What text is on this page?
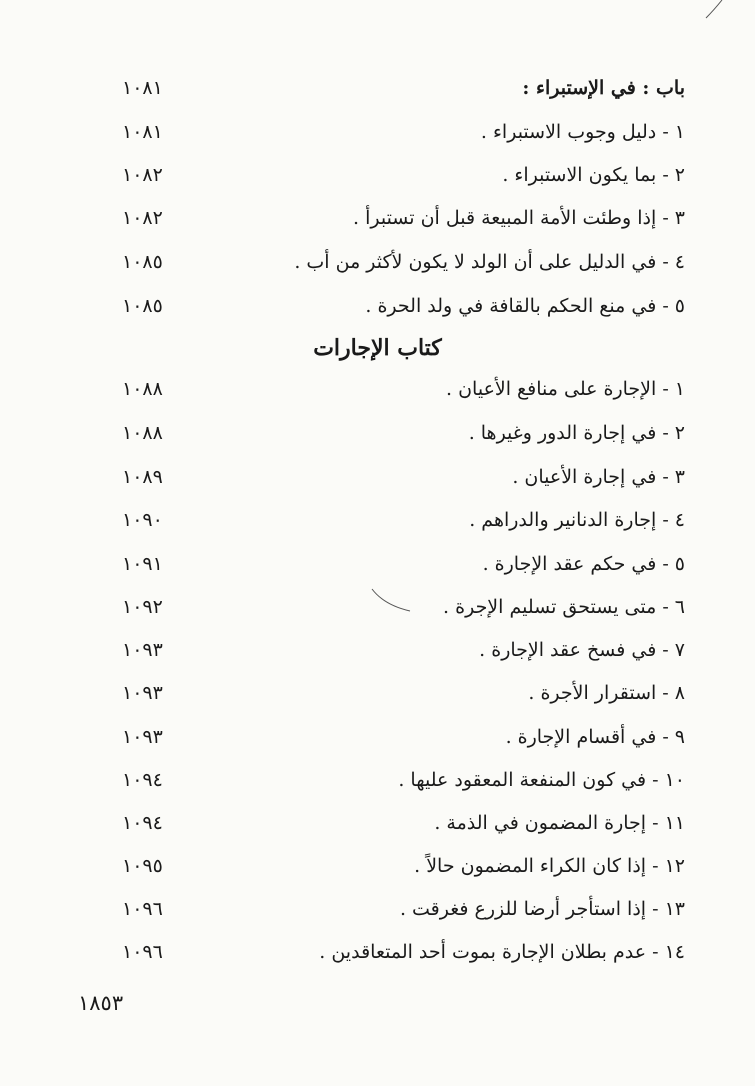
باب : في الإستبراء :
١٠٨١
١ - دليل وجوب الاستبراء .
١٠٨١
٢ - بما يكون الاستبراء .
١٠٨٢
٣ - إذا وطئت الأمة المبيعة قبل أن تستبرأ .
١٠٨٢
٤ - في الدليل على أن الولد لا يكون لأكثر من أب .
١٠٨٥
٥ - في منع الحكم بالقافة في ولد الحرة .
١٠٨٥
كتاب الإجارات
١ - الإجارة على منافع الأعيان .
١٠٨٨
٢ - في إجارة الدور وغيرها .
١٠٨٨
٣ - في إجارة الأعيان .
١٠٨٩
٤ - إجارة الدنانير والدراهم .
١٠٩٠
٥ - في حكم عقد الإجارة .
١٠٩١
٦ - متى يستحق تسليم الإجرة .
١٠٩٢
٧ - في فسخ عقد الإجارة .
١٠٩٣
٨ - استقرار الأجرة .
١٠٩٣
٩ - في أقسام الإجارة .
١٠٩٣
١٠ - في كون المنفعة المعقود عليها .
١٠٩٤
١١ - إجارة المضمون في الذمة .
١٠٩٤
١٢ - إذا كان الكراء المضمون حالاً .
١٠٩٥
١٣ - إذا استأجر أرضا للزرع فغرقت .
١٠٩٦
١٤ - عدم بطلان الإجارة بموت أحد المتعاقدين .
١٠٩٦
١٨٥٣
